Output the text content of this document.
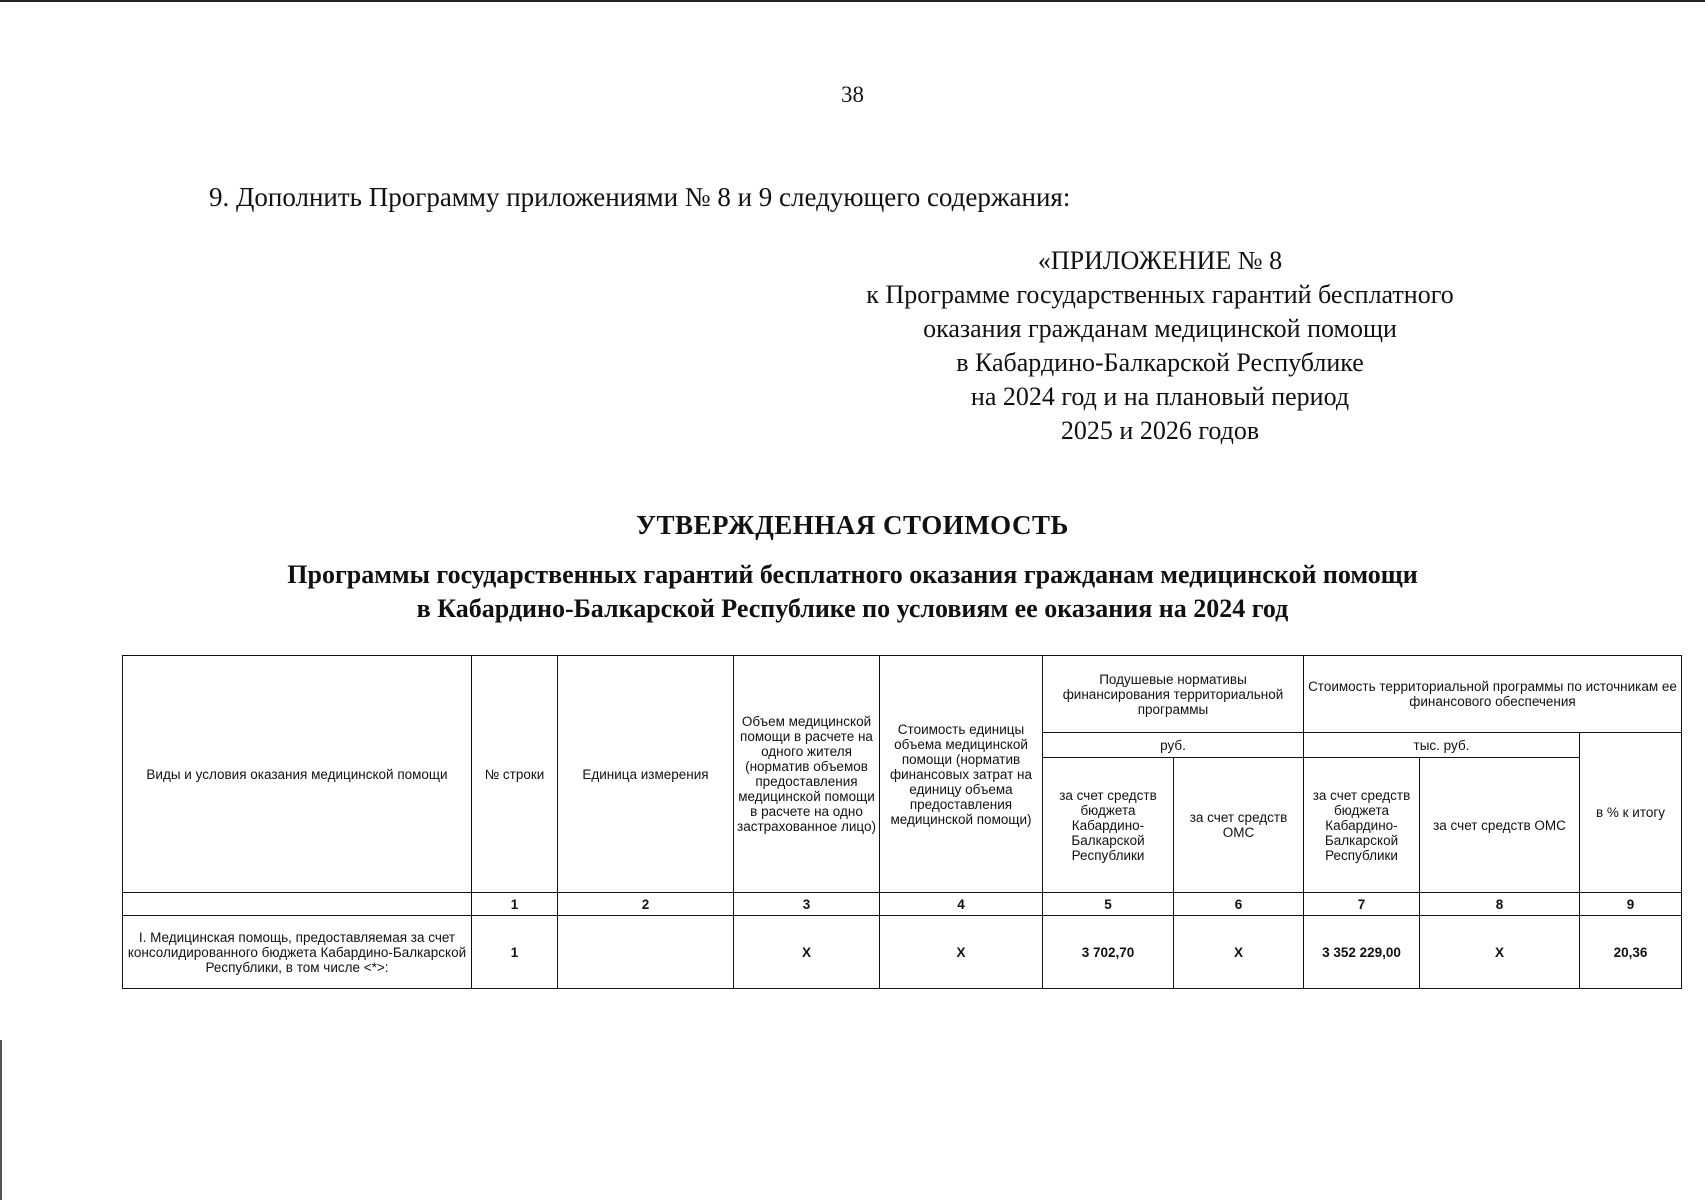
38
9. Дополнить Программу приложениями № 8 и 9 следующего содержания:
«ПРИЛОЖЕНИЕ № 8
к Программе государственных гарантий бесплатного
оказания гражданам медицинской помощи
в Кабардино-Балкарской Республике
на 2024 год и на плановый период
2025 и 2026 годов
УТВЕРЖДЕННАЯ СТОИМОСТЬ
Программы государственных гарантий бесплатного оказания гражданам медицинской помощи
в Кабардино-Балкарской Республике по условиям ее оказания на 2024 год
Виды и условия оказания медицинской помощи	№ строки	Единица измерения	Объем медицинской помощи в расчете на одного жителя (норматив объемов предоставления медицинской помощи в расчете на одно застрахованное лицо)	Стоимость единицы объема медицинской помощи (норматив финансовых затрат на единицу объема предоставления медицинской помощи)	Подушевые нормативы финансирования территориальной программы		Стоимость территориальной программы по источникам ее финансового обеспечения		
					руб.		тыс. руб.		в % к итогу
					за счет средств бюджета Кабардино-Балкарской Республики	за счет средств ОМС	за счет средств бюджета Кабардино-Балкарской Республики	за счет средств ОМС	
	1	2	3	4	5	6	7	8	9
I. Медицинская помощь, предоставляемая за счет консолидированного бюджета Кабардино-Балкарской Республики, в том числе <*>:	1		Х	Х	3 702,70	Х	3 352 229,00	Х	20,36
